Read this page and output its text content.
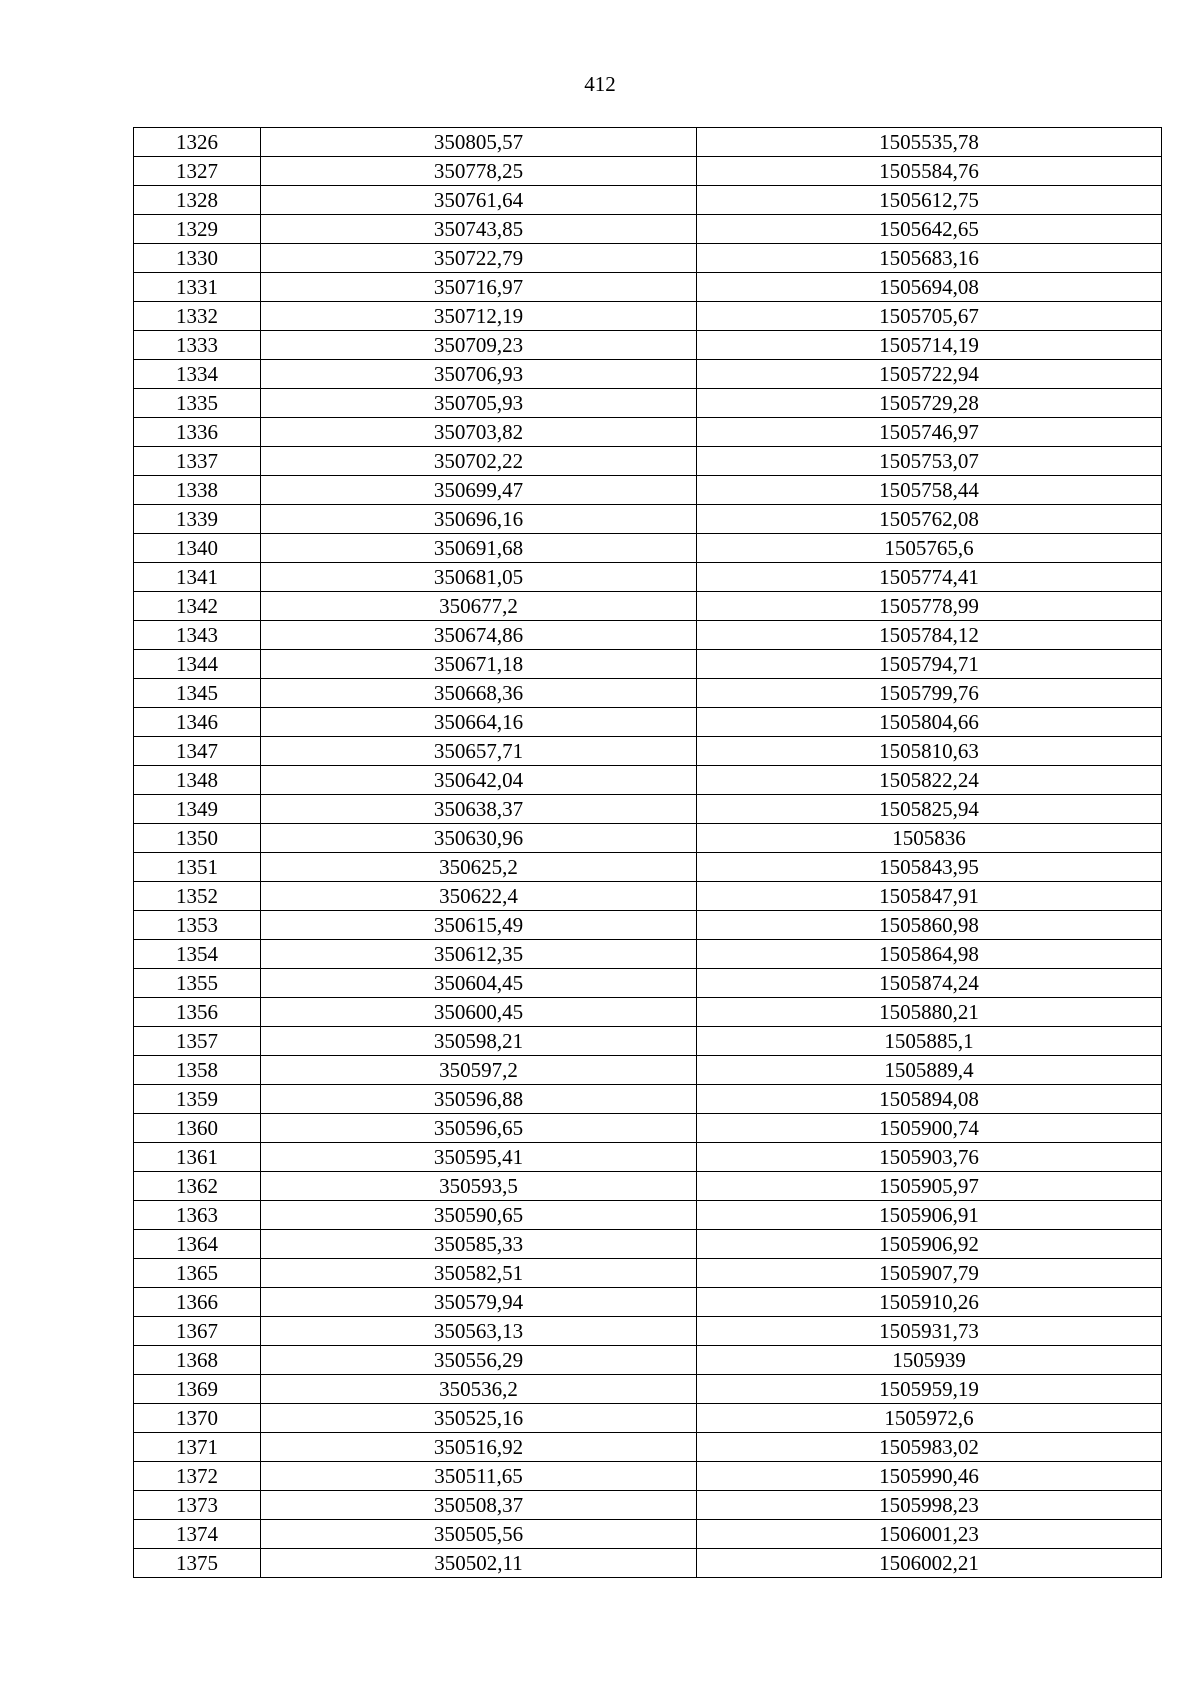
412
1326	350805,57	1505535,78
1327	350778,25	1505584,76
1328	350761,64	1505612,75
1329	350743,85	1505642,65
1330	350722,79	1505683,16
1331	350716,97	1505694,08
1332	350712,19	1505705,67
1333	350709,23	1505714,19
1334	350706,93	1505722,94
1335	350705,93	1505729,28
1336	350703,82	1505746,97
1337	350702,22	1505753,07
1338	350699,47	1505758,44
1339	350696,16	1505762,08
1340	350691,68	1505765,6
1341	350681,05	1505774,41
1342	350677,2	1505778,99
1343	350674,86	1505784,12
1344	350671,18	1505794,71
1345	350668,36	1505799,76
1346	350664,16	1505804,66
1347	350657,71	1505810,63
1348	350642,04	1505822,24
1349	350638,37	1505825,94
1350	350630,96	1505836
1351	350625,2	1505843,95
1352	350622,4	1505847,91
1353	350615,49	1505860,98
1354	350612,35	1505864,98
1355	350604,45	1505874,24
1356	350600,45	1505880,21
1357	350598,21	1505885,1
1358	350597,2	1505889,4
1359	350596,88	1505894,08
1360	350596,65	1505900,74
1361	350595,41	1505903,76
1362	350593,5	1505905,97
1363	350590,65	1505906,91
1364	350585,33	1505906,92
1365	350582,51	1505907,79
1366	350579,94	1505910,26
1367	350563,13	1505931,73
1368	350556,29	1505939
1369	350536,2	1505959,19
1370	350525,16	1505972,6
1371	350516,92	1505983,02
1372	350511,65	1505990,46
1373	350508,37	1505998,23
1374	350505,56	1506001,23
1375	350502,11	1506002,21
